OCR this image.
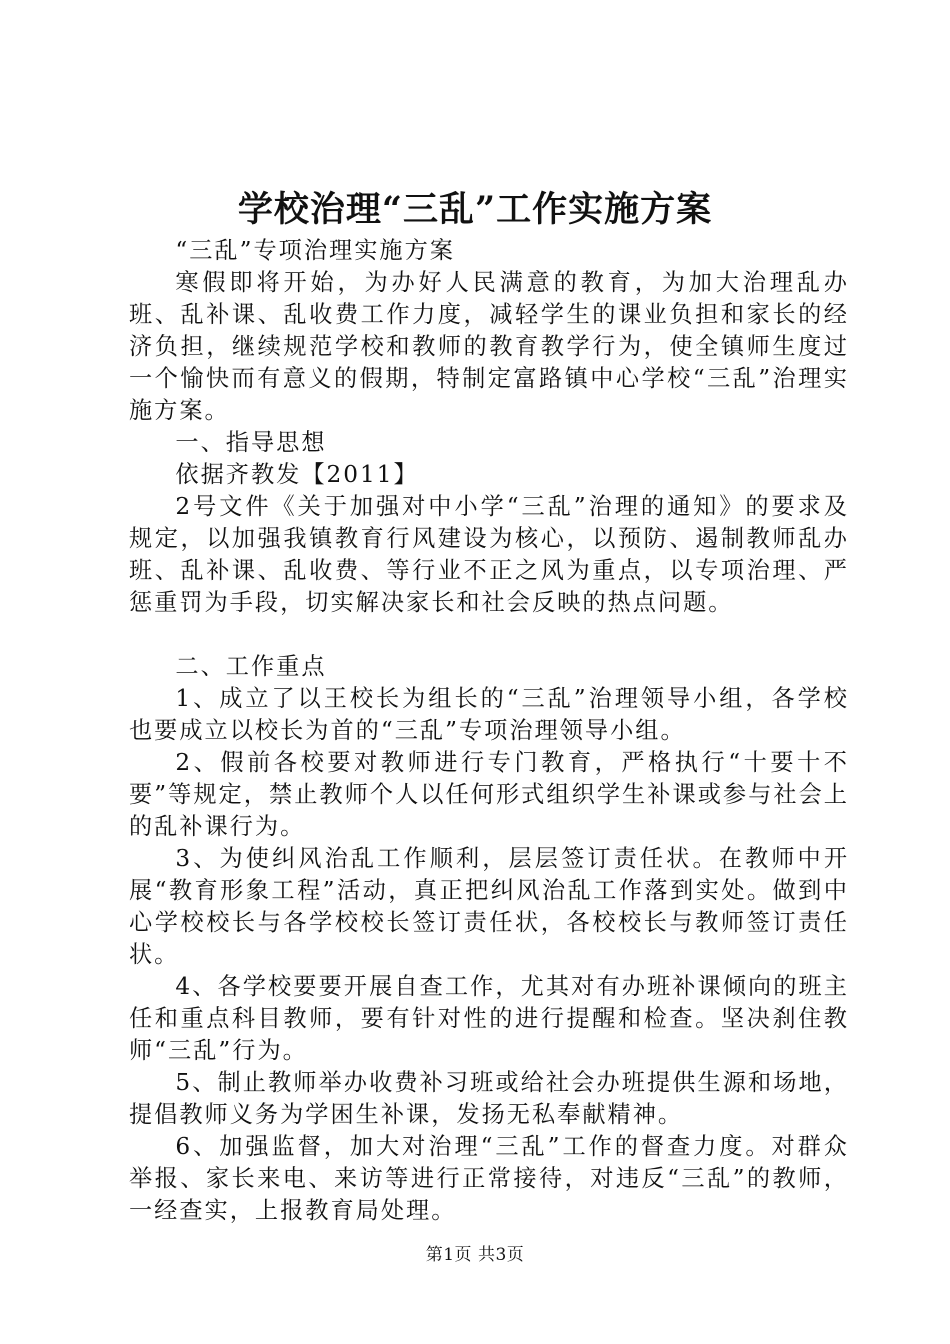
学校治理“三乱”工作实施方案

“三乱”专项治理实施方案

寒假即将开始，为办好人民满意的教育，为加大治理乱办班、乱补课、乱收费工作力度，减轻学生的课业负担和家长的经济负担，继续规范学校和教师的教育教学行为，使全镇师生度过一个愉快而有意义的假期，特制定富路镇中心学校“三乱”治理实施方案。

一、指导思想

依据齐教发【2011】

2号文件《关于加强对中小学“三乱”治理的通知》的要求及规定，以加强我镇教育行风建设为核心，以预防、遏制教师乱办班、乱补课、乱收费、等行业不正之风为重点，以专项治理、严惩重罚为手段，切实解决家长和社会反映的热点问题。

二、工作重点

1、成立了以王校长为组长的“三乱”治理领导小组，各学校也要成立以校长为首的“三乱”专项治理领导小组。

2、假前各校要对教师进行专门教育，严格执行“十要十不要”等规定，禁止教师个人以任何形式组织学生补课或参与社会上的乱补课行为。

3、为使纠风治乱工作顺利，层层签订责任状。在教师中开展“教育形象工程”活动，真正把纠风治乱工作落到实处。做到中心学校校长与各学校校长签订责任状，各校校长与教师签订责任状。

4、各学校要要开展自查工作，尤其对有办班补课倾向的班主任和重点科目教师，要有针对性的进行提醒和检查。坚决刹住教师“三乱”行为。

5、制止教师举办收费补习班或给社会办班提供生源和场地，提倡教师义务为学困生补课，发扬无私奉献精神。

6、加强监督，加大对治理“三乱”工作的督查力度。对群众举报、家长来电、来访等进行正常接待，对违反“三乱”的教师，一经查实，上报教育局处理。

第1页 共3页
